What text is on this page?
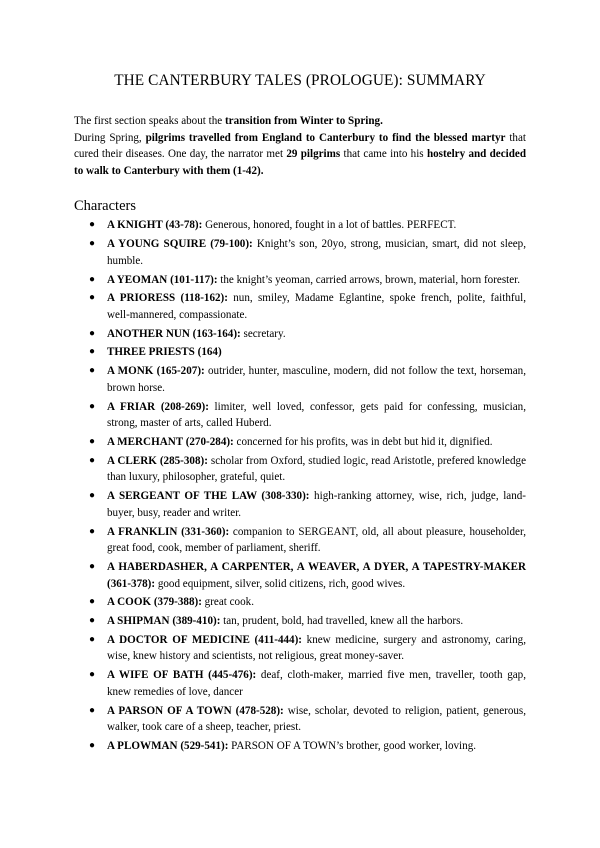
THE CANTERBURY TALES (PROLOGUE): SUMMARY

The first section speaks about the transition from Winter to Spring.

During Spring, pilgrims travelled from England to Canterbury to find the blessed martyr that cured their diseases. One day, the narrator met 29 pilgrims that came into his hostelry and decided to walk to Canterbury with them (1-42).

Characters
● A KNIGHT (43-78): Generous, honored, fought in a lot of battles. PERFECT.
● A YOUNG SQUIRE (79-100): Knight’s son, 20yo, strong, musician, smart, did not sleep, humble.
● A YEOMAN (101-117): the knight’s yeoman, carried arrows, brown, material, horn forester.
● A PRIORESS (118-162): nun, smiley, Madame Eglantine, spoke french, polite, faithful, well-mannered, compassionate.
● ANOTHER NUN (163-164): secretary.
● THREE PRIESTS (164)
● A MONK (165-207): outrider, hunter, masculine, modern, did not follow the text, horseman, brown horse.
● A FRIAR (208-269): limiter, well loved, confessor, gets paid for confessing, musician, strong, master of arts, called Huberd.
● A MERCHANT (270-284): concerned for his profits, was in debt but hid it, dignified.
● A CLERK (285-308): scholar from Oxford, studied logic, read Aristotle, prefered knowledge than luxury, philosopher, grateful, quiet.
● A SERGEANT OF THE LAW (308-330): high-ranking attorney, wise, rich, judge, land-buyer, busy, reader and writer.
● A FRANKLIN (331-360): companion to SERGEANT, old, all about pleasure, householder, great food, cook, member of parliament, sheriff.
● A HABERDASHER, A CARPENTER, A WEAVER, A DYER, A TAPESTRY-MAKER (361-378): good equipment, silver, solid citizens, rich, good wives.
● A COOK (379-388): great cook.
● A SHIPMAN (389-410): tan, prudent, bold, had travelled, knew all the harbors.
● A DOCTOR OF MEDICINE (411-444): knew medicine, surgery and astronomy, caring, wise, knew history and scientists, not religious, great money-saver.
● A WIFE OF BATH (445-476): deaf, cloth-maker, married five men, traveller, tooth gap, knew remedies of love, dancer
● A PARSON OF A TOWN (478-528): wise, scholar, devoted to religion, patient, generous, walker, took care of a sheep, teacher, priest.
● A PLOWMAN (529-541): PARSON OF A TOWN’s brother, good worker, loving.
